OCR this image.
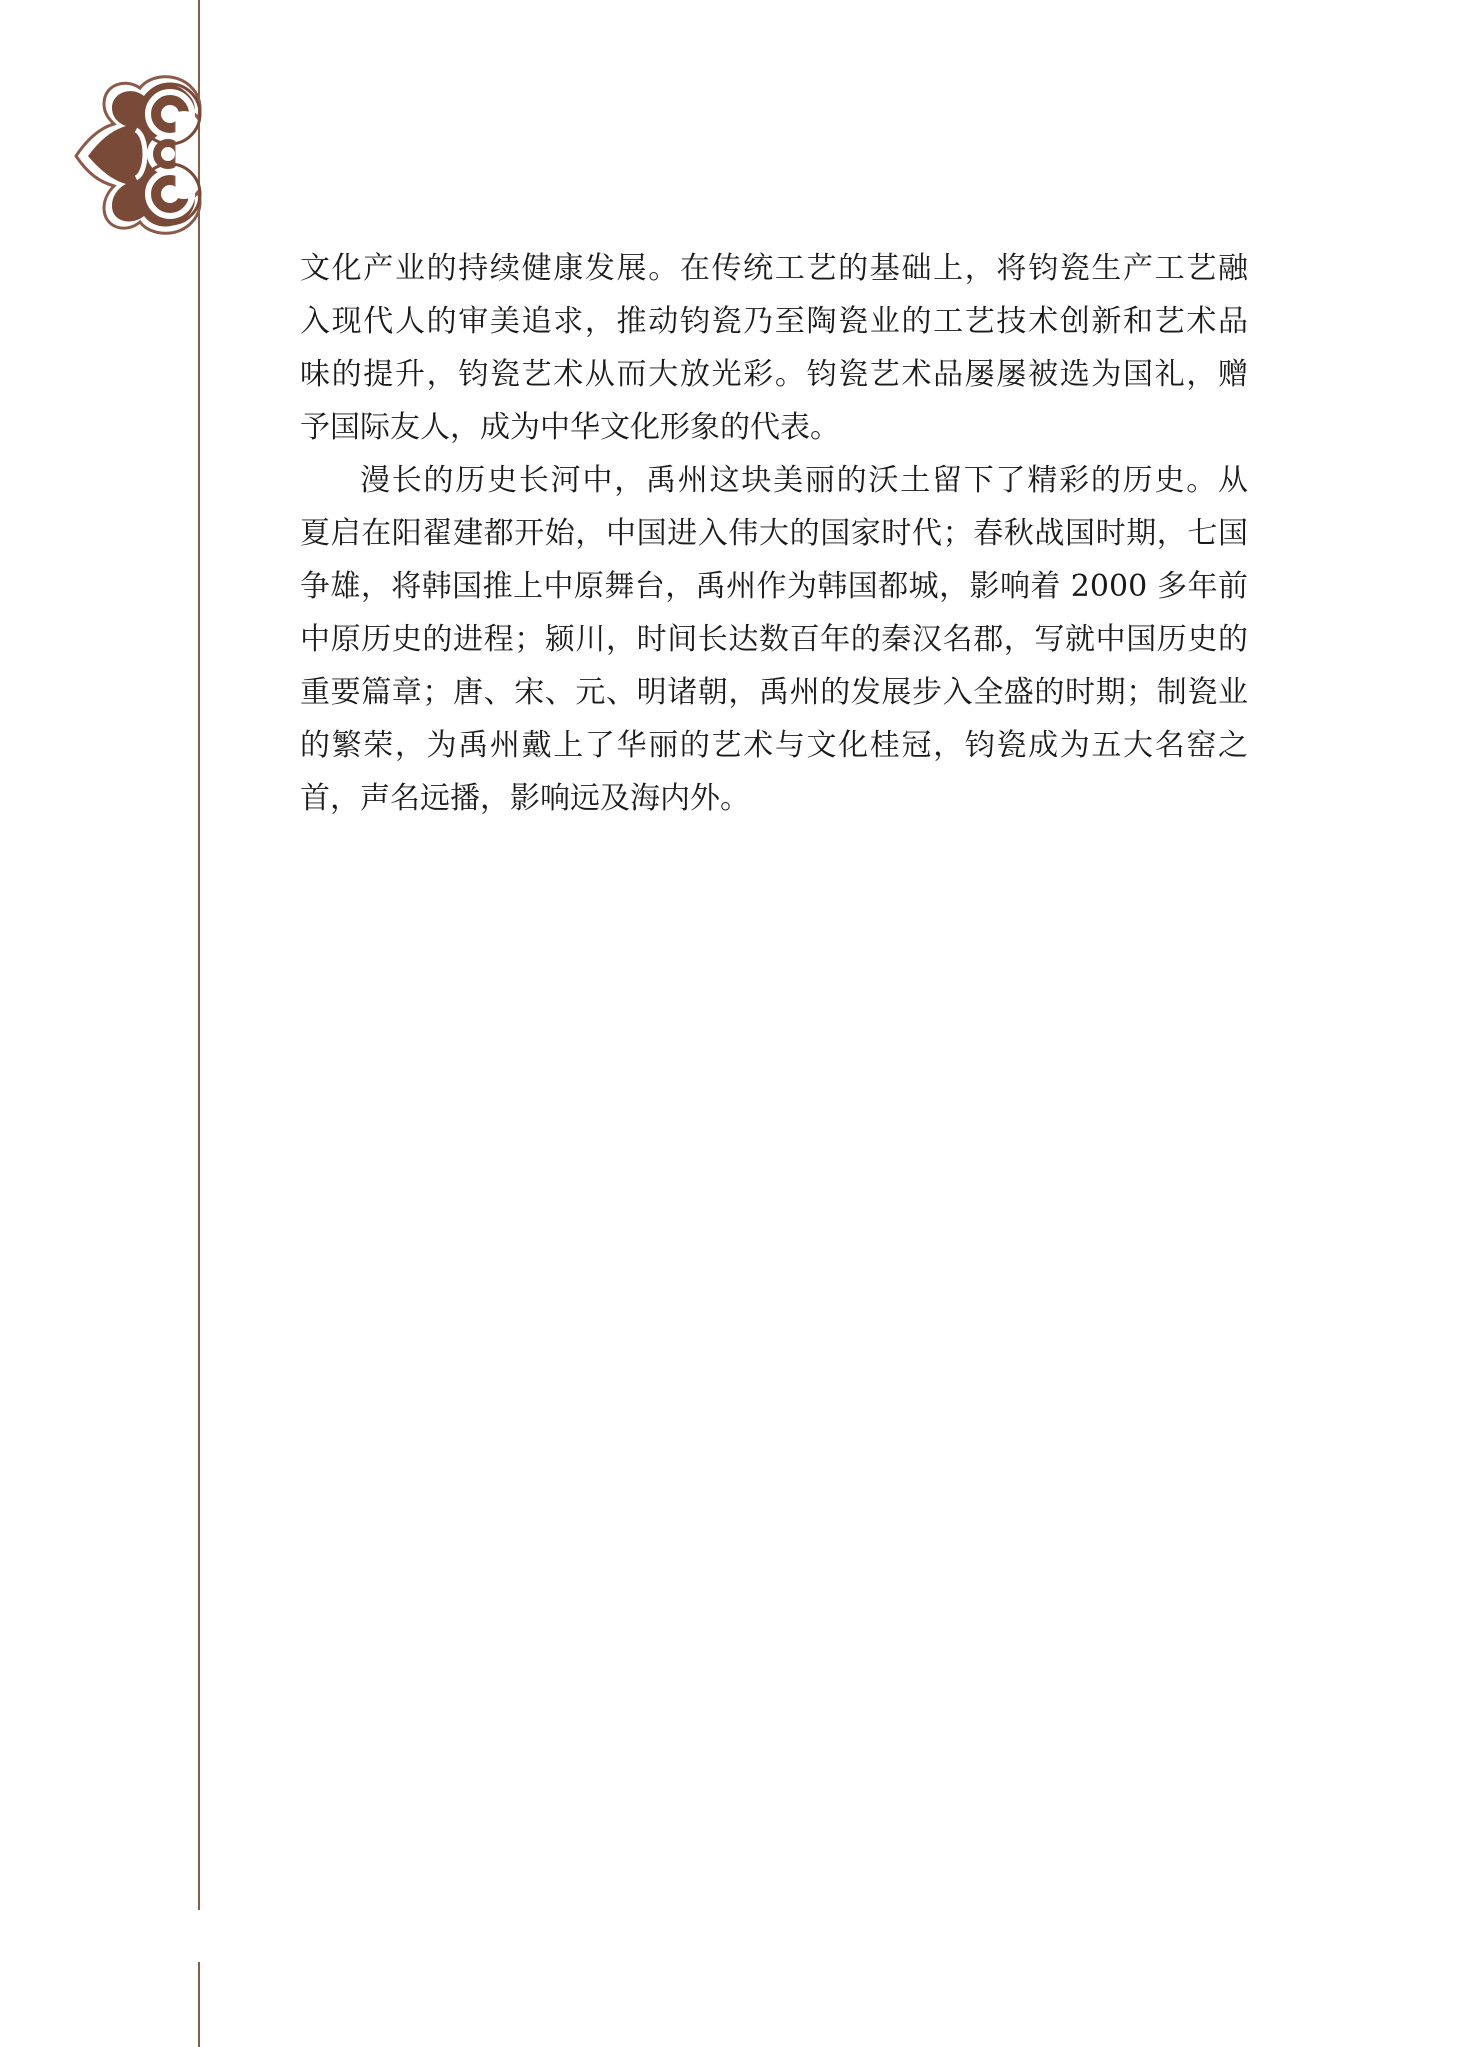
文化产业的持续健康发展。在传统工艺的基础上，将钧瓷生产工艺融
入现代人的审美追求，推动钧瓷乃至陶瓷业的工艺技术创新和艺术品
味的提升，钧瓷艺术从而大放光彩。钧瓷艺术品屡屡被选为国礼，赠
予国际友人，成为中华文化形象的代表。

漫长的历史长河中，禹州这块美丽的沃土留下了精彩的历史。从
夏启在阳翟建都开始，中国进入伟大的国家时代；春秋战国时期，七国
争雄，将韩国推上中原舞台，禹州作为韩国都城，影响着 2000 多年前
中原历史的进程；颍川，时间长达数百年的秦汉名郡，写就中国历史的
重要篇章；唐、宋、元、明诸朝，禹州的发展步入全盛的时期；制瓷业
的繁荣，为禹州戴上了华丽的艺术与文化桂冠，钧瓷成为五大名窑之
首，声名远播，影响远及海内外。
